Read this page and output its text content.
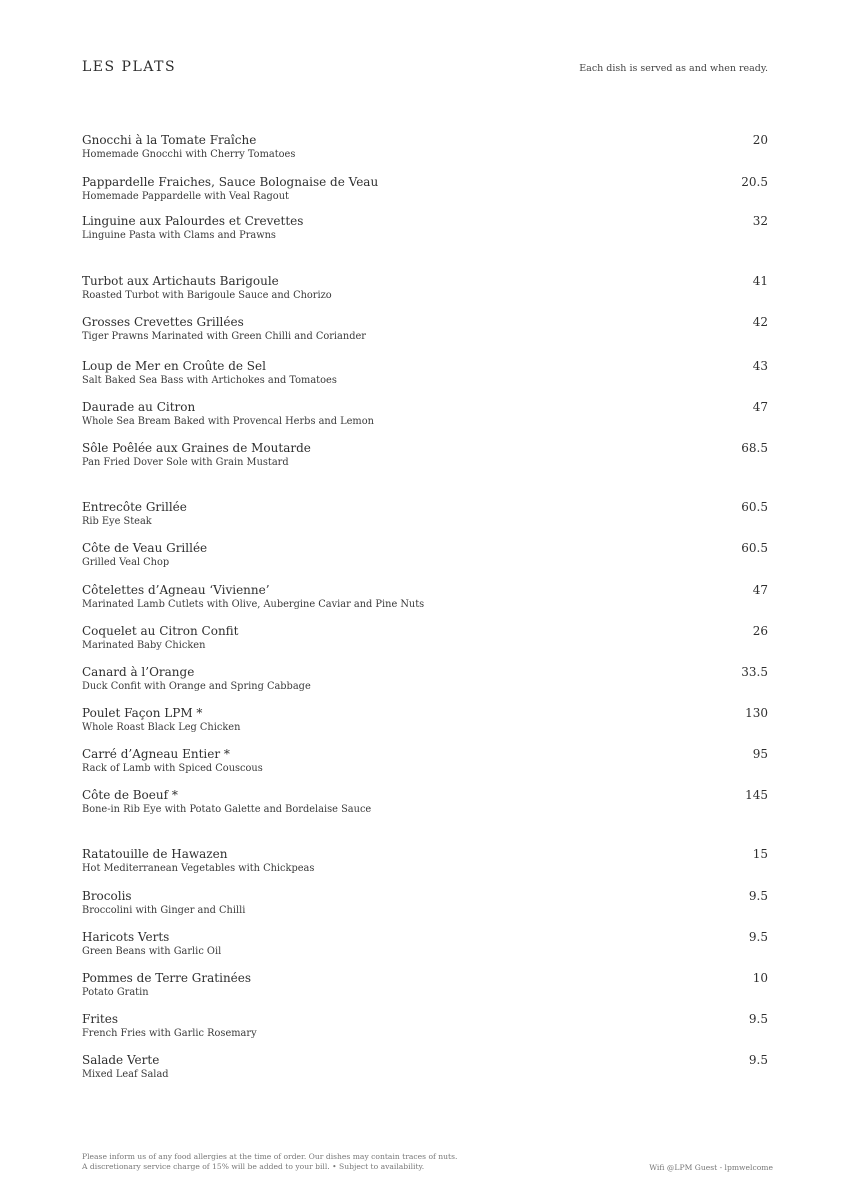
LES PLATS	Each dish is served as and when ready.
Gnocchi à la Tomate Fraîche
Homemade Gnocchi with Cherry Tomatoes
20
Pappardelle Fraiches, Sauce Bolognaise de Veau
Homemade Pappardelle with Veal Ragout
20.5
Linguine aux Palourdes et Crevettes
Linguine Pasta with Clams and Prawns
32
Turbot aux Artichauts Barigoule
Roasted Turbot with Barigoule Sauce and Chorizo
41
Grosses Crevettes Grillées
Tiger Prawns Marinated with Green Chilli and Coriander
42
Loup de Mer en Croûte de Sel
Salt Baked Sea Bass with Artichokes and Tomatoes
43
Daurade au Citron
Whole Sea Bream Baked with Provencal Herbs and Lemon
47
Sôle Poêlée aux Graines de Moutarde
Pan Fried Dover Sole with Grain Mustard
68.5
Entrecôte Grillée
Rib Eye Steak
60.5
Côte de Veau Grillée
Grilled Veal Chop
60.5
Côtelettes d’Agneau ‘Vivienne’
Marinated Lamb Cutlets with Olive, Aubergine Caviar and Pine Nuts
47
Coquelet au Citron Confit
Marinated Baby Chicken
26
Canard à l’Orange
Duck Confit with Orange and Spring Cabbage
33.5
Poulet Façon LPM *
Whole Roast Black Leg Chicken
130
Carré d’Agneau Entier *
Rack of Lamb with Spiced Couscous
95
Côte de Boeuf *
Bone-in Rib Eye with Potato Galette and Bordelaise Sauce
145
Ratatouille de Hawazen
Hot Mediterranean Vegetables with Chickpeas
15
Brocolis
Broccolini with Ginger and Chilli
9.5
Haricots Verts
Green Beans with Garlic Oil
9.5
Pommes de Terre Gratinées
Potato Gratin
10
Frites
French Fries with Garlic Rosemary
9.5
Salade Verte
Mixed Leaf Salad
9.5
Please inform us of any food allergies at the time of order. Our dishes may contain traces of nuts.
A discretionary service charge of 15% will be added to your bill. • Subject to availability.	Wifi @LPM Guest - lpmwelcome
